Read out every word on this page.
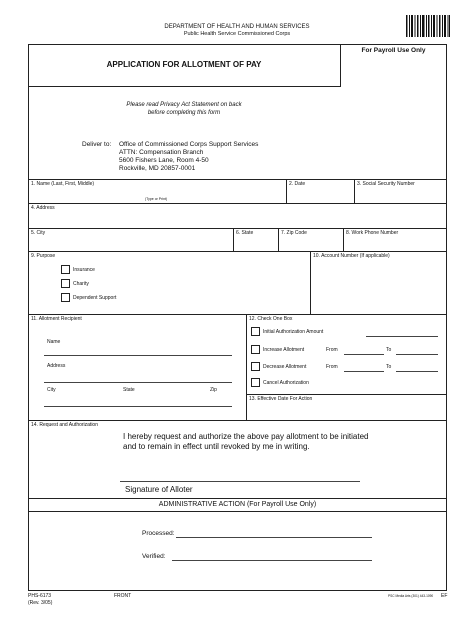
DEPARTMENT OF HEALTH AND HUMAN SERVICES
Public Health Service Commissioned Corps
For Payroll Use Only
APPLICATION FOR ALLOTMENT OF PAY
Please read Privacy Act Statement on back
before completing this form
Deliver to: Office of Commissioned Corps Support Services
ATTN: Compensation Branch
5600 Fishers Lane, Room 4-50
Rockville, MD 20857-0001
1. Name (Last, First, Middle)
(Type or Print)
2. Date	3. Social Security Number
4. Address
5. City	6. State	7. Zip Code	8. Work Phone Number
9. Purpose	10. Account Number (If applicable)
Insurance
Charity
Dependent Support
11. Allotment Recipient	12. Check One Box
Name
Address
City	State	Zip
Initial Authorization Amount
Increase Allotment	From	To
Decrease Allotment	From	To
Cancel Authorization
13. Effective Date For Action
14. Request and Authorization
I hereby request and authorize the above pay allotment to be initiated
and to remain in effect until revoked by me in writing.
Signature of Alloter
ADMINISTRATIVE ACTION (For Payroll Use Only)
Processed:
Verified:
PHS-6173
(Rev. 3/05)
FRONT	PSC Media Arts (301) 443-1090 EF
